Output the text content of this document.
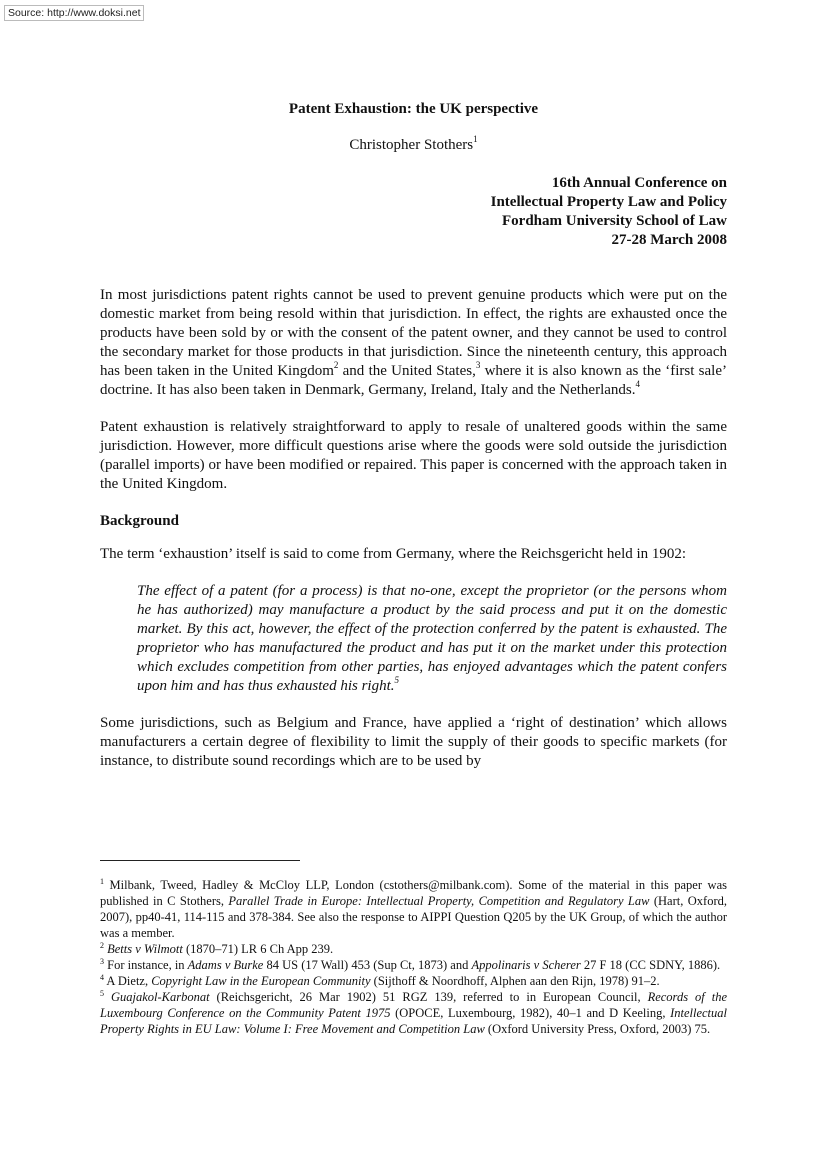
Source: http://www.doksi.net
Patent Exhaustion: the UK perspective
Christopher Stothers$^1$
16th Annual Conference on
Intellectual Property Law and Policy
Fordham University School of Law
27-28 March 2008

In most jurisdictions patent rights cannot be used to prevent genuine products which were put on the domestic market from being resold within that jurisdiction. In effect, the rights are exhausted once the products have been sold by or with the consent of the patent owner, and they cannot be used to control the secondary market for those products in that jurisdiction. Since the nineteenth century, this approach has been taken in the United Kingdom$^2$ and the United States,$^3$ where it is also known as the ‘first sale’ doctrine. It has also been taken in Denmark, Germany, Ireland, Italy and the Netherlands.$^4$

Patent exhaustion is relatively straightforward to apply to resale of unaltered goods within the same jurisdiction. However, more difficult questions arise where the goods were sold outside the jurisdiction (parallel imports) or have been modified or repaired. This paper is concerned with the approach taken in the United Kingdom.

Background

The term ‘exhaustion’ itself is said to come from Germany, where the Reichsgericht held in 1902:

The effect of a patent (for a process) is that no-one, except the proprietor (or the persons whom he has authorized) may manufacture a product by the said process and put it on the domestic market. By this act, however, the effect of the protection conferred by the patent is exhausted. The proprietor who has manufactured the product and has put it on the market under this protection which excludes competition from other parties, has enjoyed advantages which the patent confers upon him and has thus exhausted his right.$^5$

Some jurisdictions, such as Belgium and France, have applied a ‘right of destination’ which allows manufacturers a certain degree of flexibility to limit the supply of their goods to specific markets (for instance, to distribute sound recordings which are to be used by

$^1$ Milbank, Tweed, Hadley & McCloy LLP, London (cstothers@milbank.com). Some of the material in this paper was published in C Stothers, Parallel Trade in Europe: Intellectual Property, Competition and Regulatory Law (Hart, Oxford, 2007), pp40-41, 114-115 and 378-384. See also the response to AIPPI Question Q205 by the UK Group, of which the author was a member.

$^2$ Betts v Wilmott (1870–71) LR 6 Ch App 239.

$^3$ For instance, in Adams v Burke 84 US (17 Wall) 453 (Sup Ct, 1873) and Appolinaris v Scherer 27 F 18 (CC SDNY, 1886).

$^4$ A Dietz, Copyright Law in the European Community (Sijthoff & Noordhoff, Alphen aan den Rijn, 1978) 91–2.

$^5$ Guajakol-Karbonat (Reichsgericht, 26 Mar 1902) 51 RGZ 139, referred to in European Council, Records of the Luxembourg Conference on the Community Patent 1975 (OPOCE, Luxembourg, 1982), 40–1 and D Keeling, Intellectual Property Rights in EU Law: Volume I: Free Movement and Competition Law (Oxford University Press, Oxford, 2003) 75.
